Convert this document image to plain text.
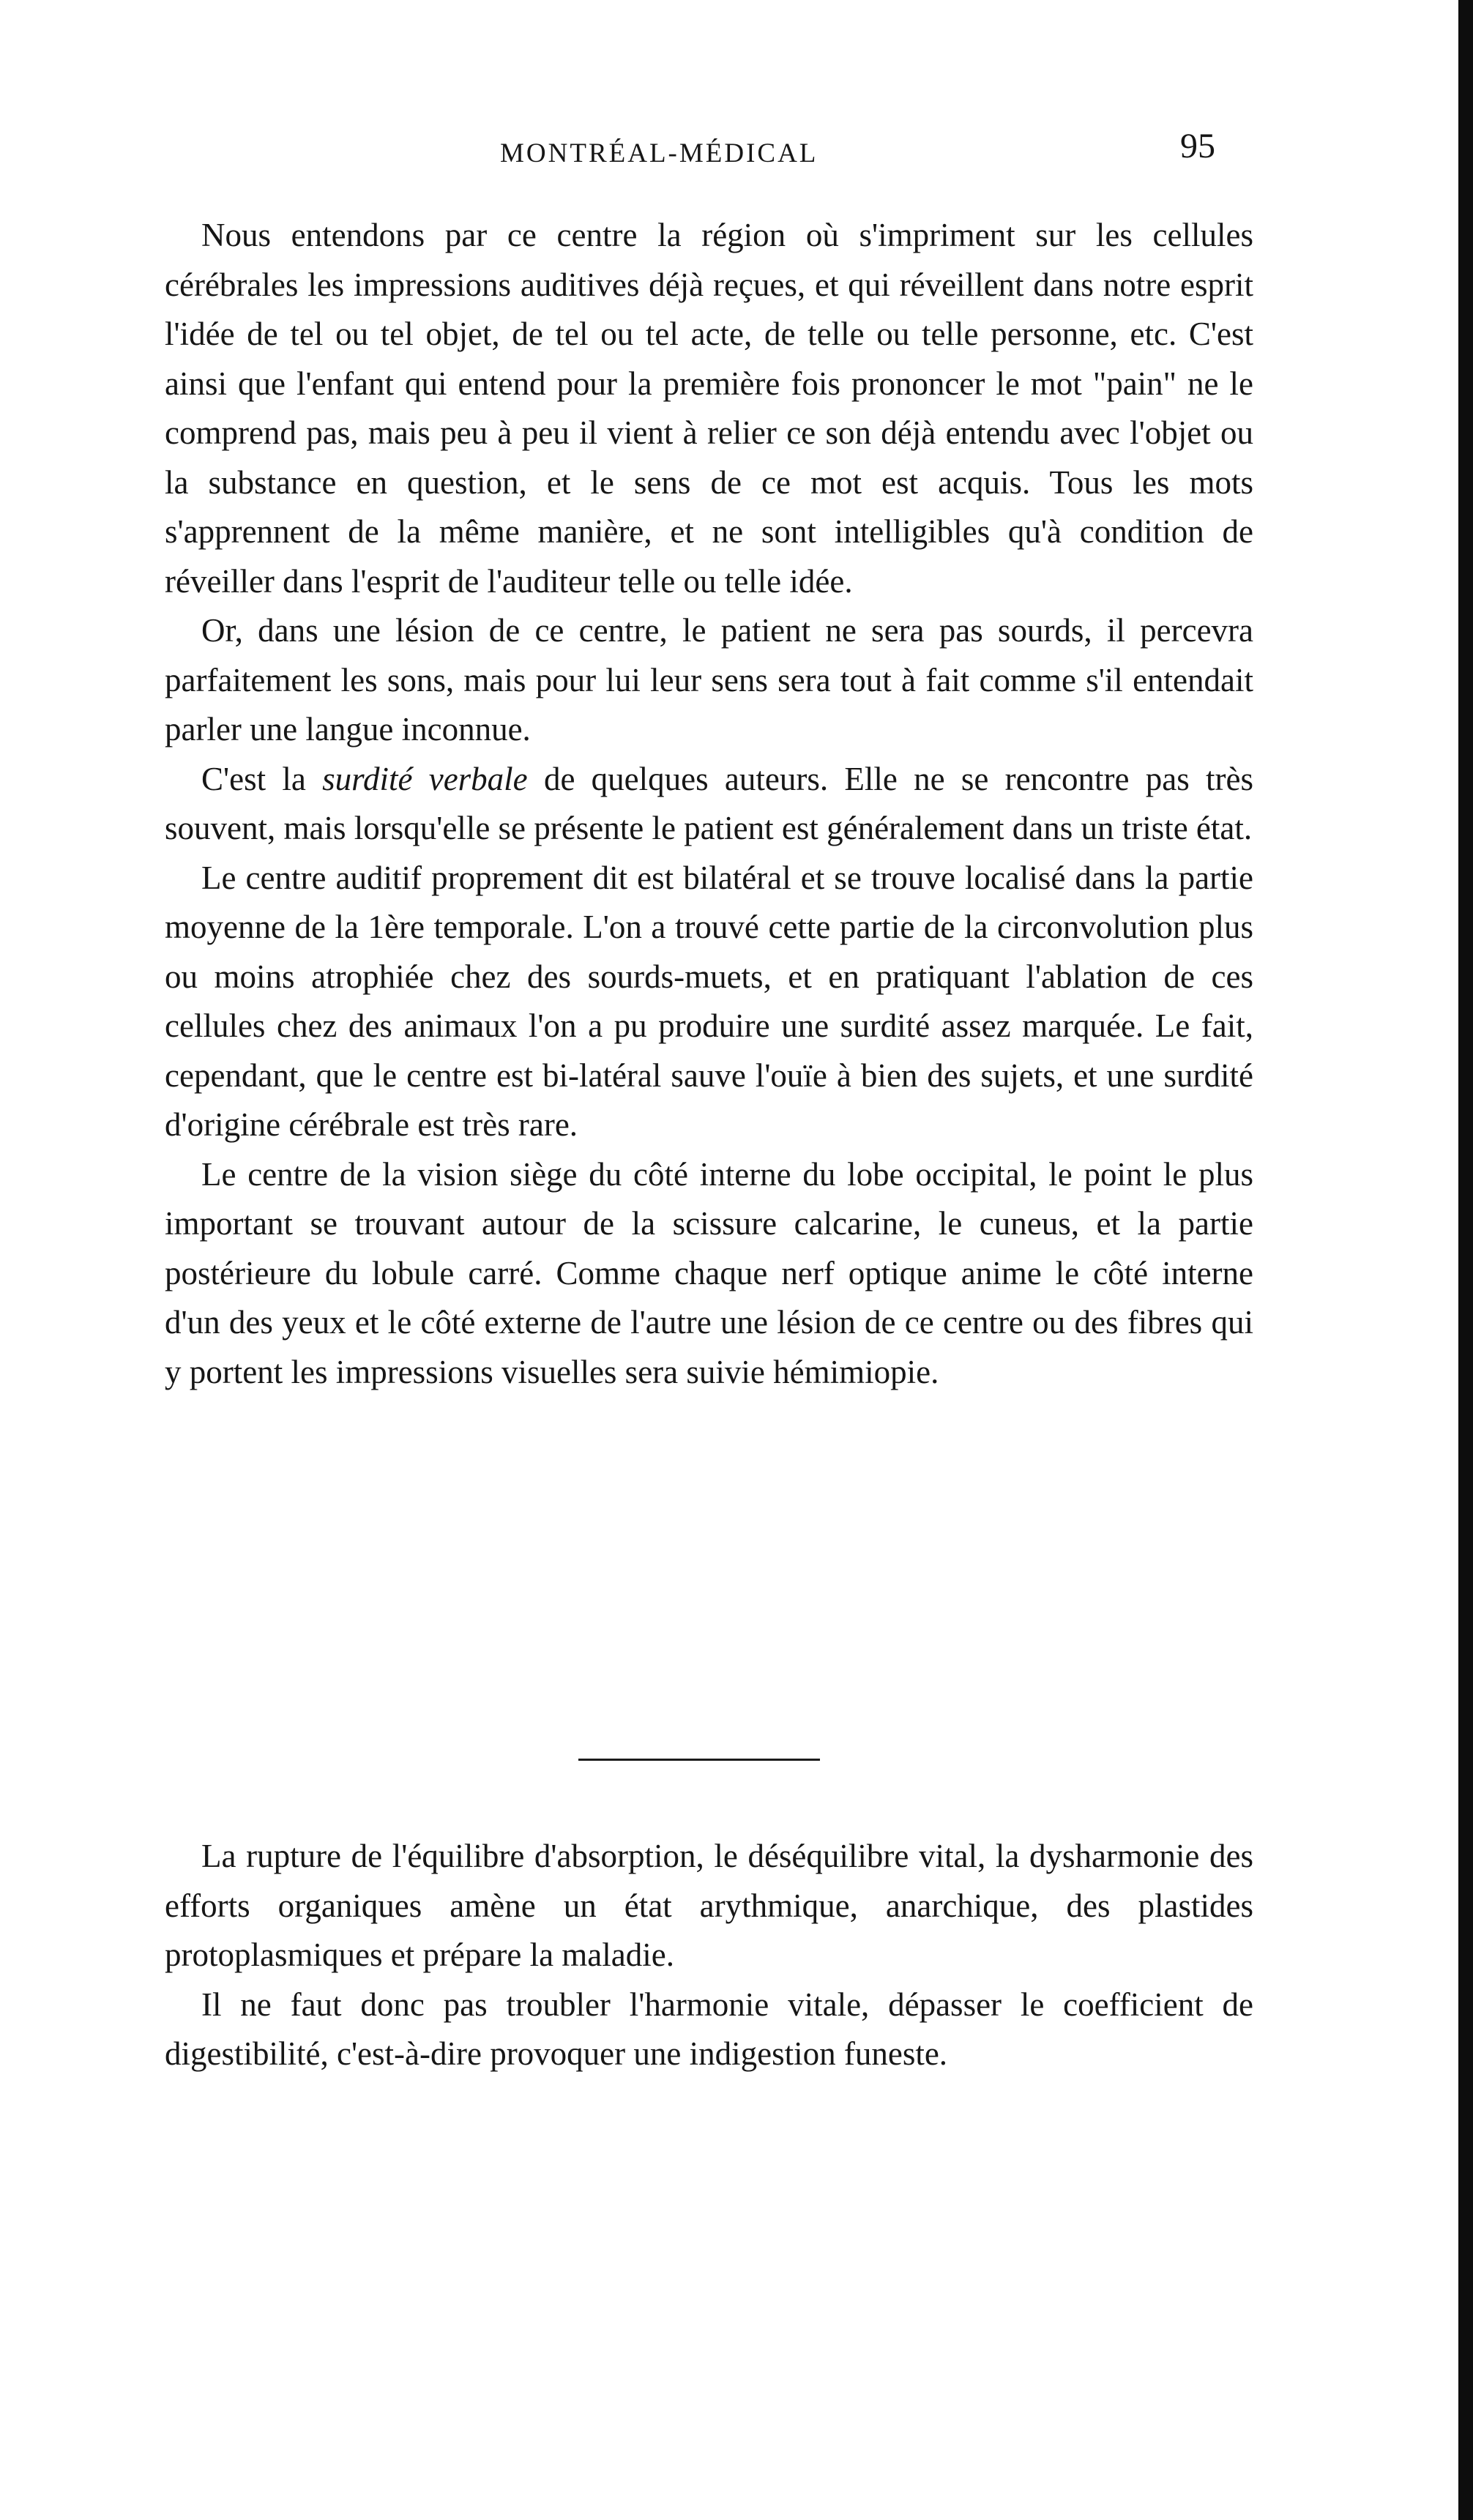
MONTRÉAL-MÉDICAL	95

Nous entendons par ce centre la région où s'impriment sur les cellules cérébrales les impressions auditives déjà reçues, et qui réveillent dans notre esprit l'idée de tel ou tel objet, de tel ou tel acte, de telle ou telle personne, etc. C'est ainsi que l'enfant qui entend pour la première fois prononcer le mot "pain" ne le comprend pas, mais peu à peu il vient à relier ce son déjà entendu avec l'objet ou la substance en question, et le sens de ce mot est acquis. Tous les mots s'apprennent de la même manière, et ne sont intelligibles qu'à condition de réveiller dans l'esprit de l'auditeur telle ou telle idée.

Or, dans une lésion de ce centre, le patient ne sera pas sourds, il percevra parfaitement les sons, mais pour lui leur sens sera tout à fait comme s'il entendait parler une langue inconnue.

C'est la surdité verbale de quelques auteurs. Elle ne se rencontre pas très souvent, mais lorsqu'elle se présente le patient est généralement dans un triste état.

Le centre auditif proprement dit est bilatéral et se trouve localisé dans la partie moyenne de la 1ère temporale. L'on a trouvé cette partie de la circonvolution plus ou moins atrophiée chez des sourds-muets, et en pratiquant l'ablation de ces cellules chez des animaux l'on a pu produire une surdité assez marquée. Le fait, cependant, que le centre est bi-latéral sauve l'ouïe à bien des sujets, et une surdité d'origine cérébrale est très rare.

Le centre de la vision siège du côté interne du lobe occipital, le point le plus important se trouvant autour de la scissure calcarine, le cuneus, et la partie postérieure du lobule carré. Comme chaque nerf optique anime le côté interne d'un des yeux et le côté externe de l'autre une lésion de ce centre ou des fibres qui y portent les impressions visuelles sera suivie hémimiopie.

La rupture de l'équilibre d'absorption, le déséquilibre vital, la dysharmonie des efforts organiques amène un état arythmique, anarchique, des plastides protoplasmiques et prépare la maladie.

Il ne faut donc pas troubler l'harmonie vitale, dépasser le coefficient de digestibilité, c'est-à-dire provoquer une indigestion funeste.
